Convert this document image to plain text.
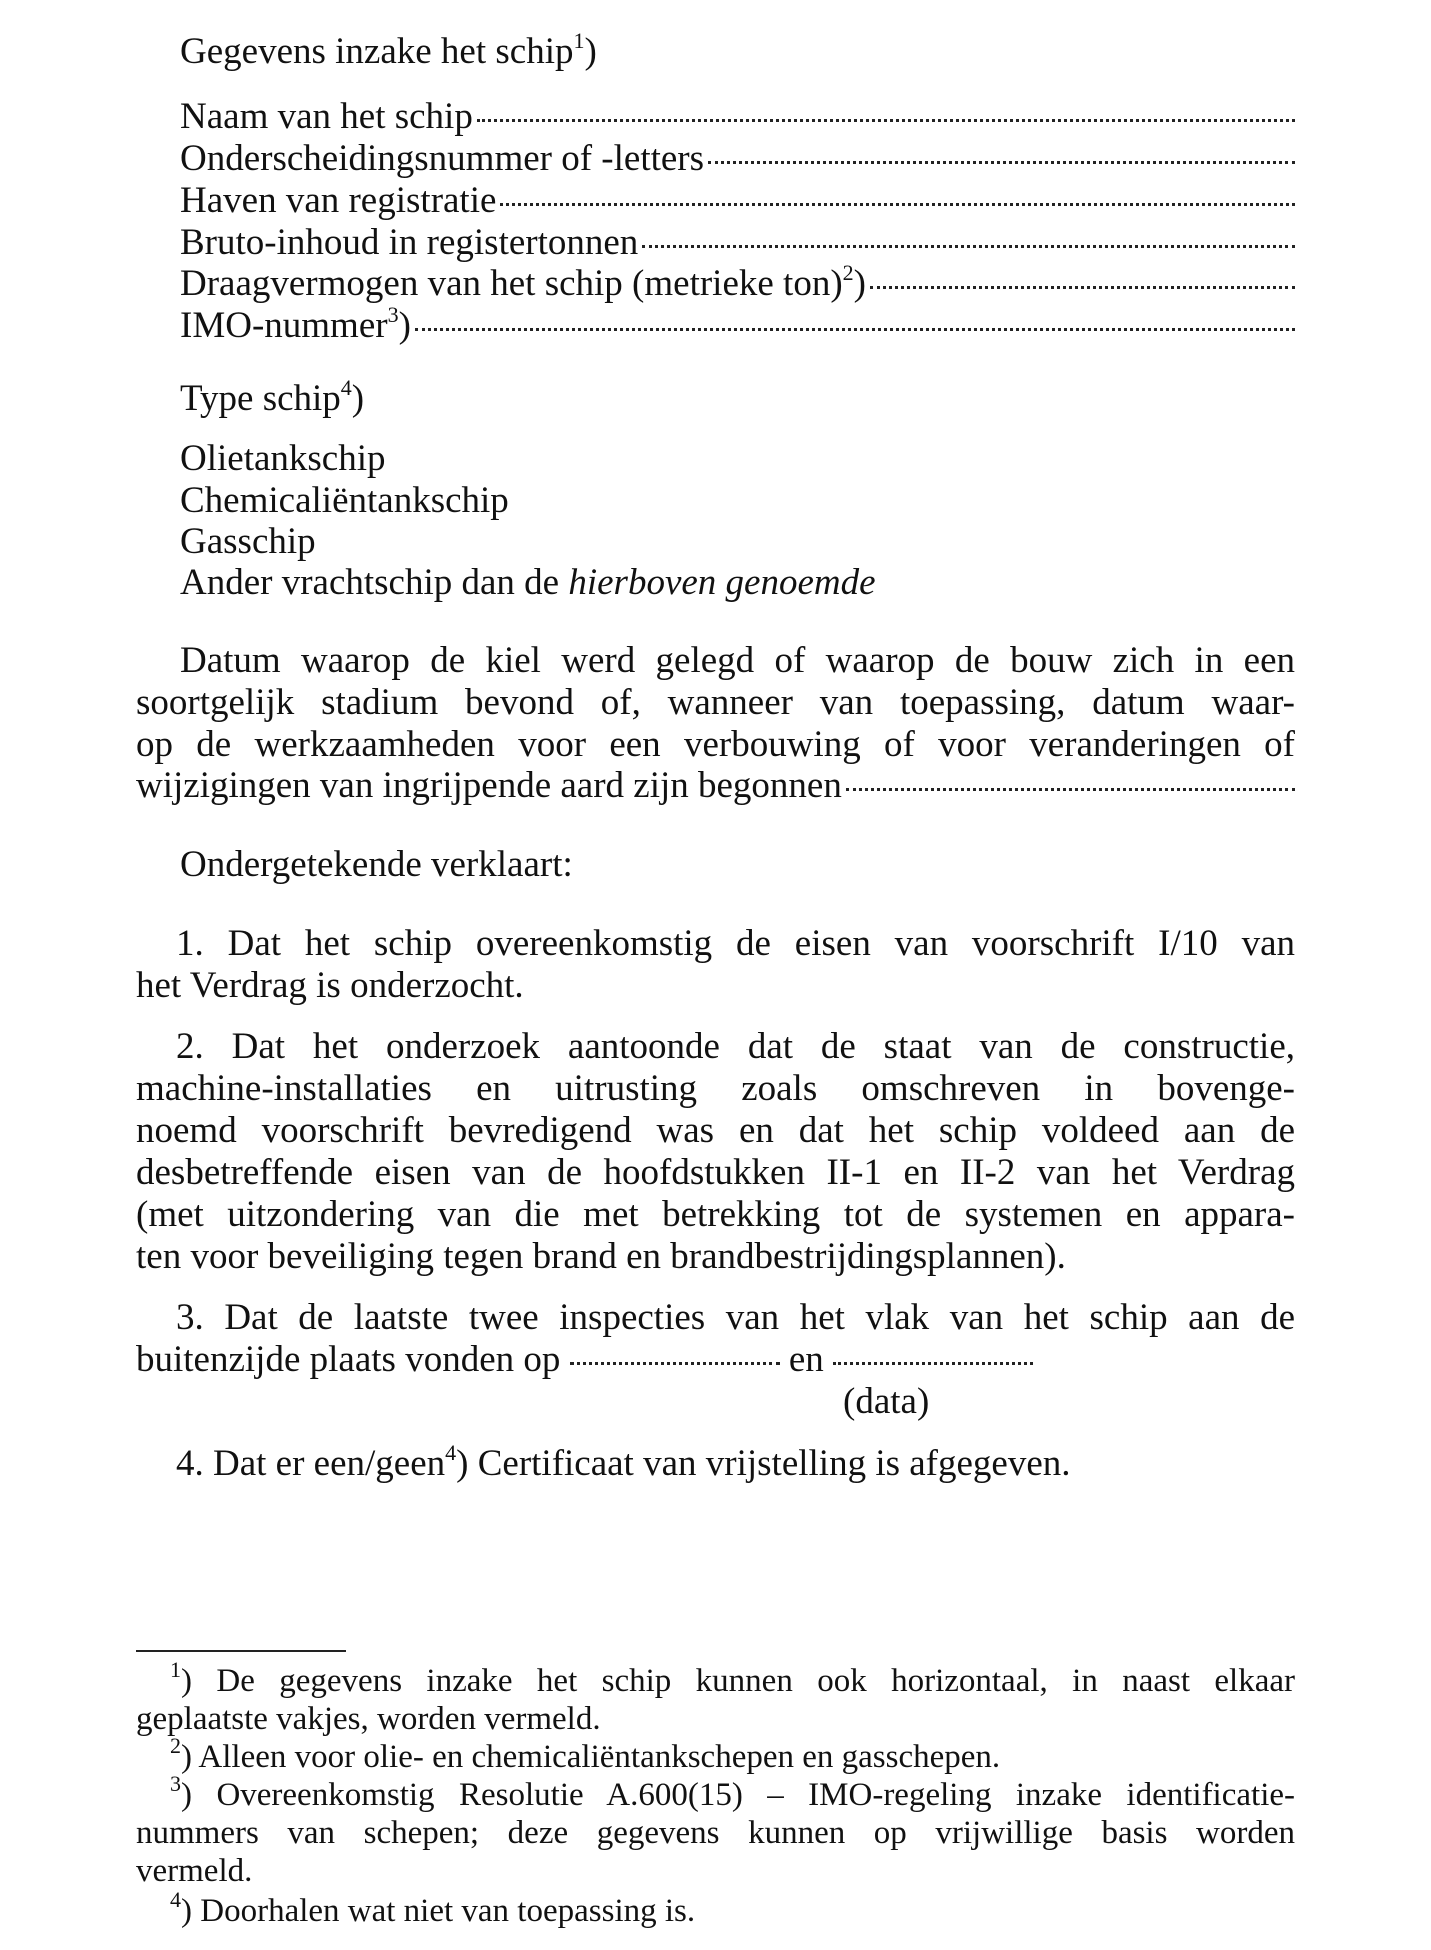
Gegevens inzake het schip$^1$)
Naam van het schip
Onderscheidingsnummer of -letters
Haven van registratie
Bruto-inhoud in registertonnen
Draagvermogen van het schip (metrieke ton)$^2$)
IMO-nummer$^3$)
Type schip$^4$)
Olietankschip
Chemicaliëntankschip
Gasschip
Ander vrachtschip dan de hierboven genoemde
Datum waarop de kiel werd gelegd of waarop de bouw zich in een
soortgelijk stadium bevond of, wanneer van toepassing, datum waar-
op de werkzaamheden voor een verbouwing of voor veranderingen of
wijzigingen van ingrijpende aard zijn begonnen
Ondergetekende verklaart:
1. Dat het schip overeenkomstig de eisen van voorschrift I/10 van
het Verdrag is onderzocht.
2. Dat het onderzoek aantoonde dat de staat van de constructie,
machine-installaties en uitrusting zoals omschreven in bovenge-
noemd voorschrift bevredigend was en dat het schip voldeed aan de
desbetreffende eisen van de hoofdstukken II-1 en II-2 van het Verdrag
(met uitzondering van die met betrekking tot de systemen en appara-
ten voor beveiliging tegen brand en brandbestrijdingsplannen).
3. Dat de laatste twee inspecties van het vlak van het schip aan de
buitenzijde plaats vonden op	en
(data)
4. Dat er een/geen$^4$) Certificaat van vrijstelling is afgegeven.
$^1$) De gegevens inzake het schip kunnen ook horizontaal, in naast elkaar
geplaatste vakjes, worden vermeld.
$^2$) Alleen voor olie- en chemicaliëntankschepen en gasschepen.
$^3$) Overeenkomstig Resolutie A.600(15) – IMO-regeling inzake identificatie-
nummers van schepen; deze gegevens kunnen op vrijwillige basis worden
vermeld.
$^4$) Doorhalen wat niet van toepassing is.
